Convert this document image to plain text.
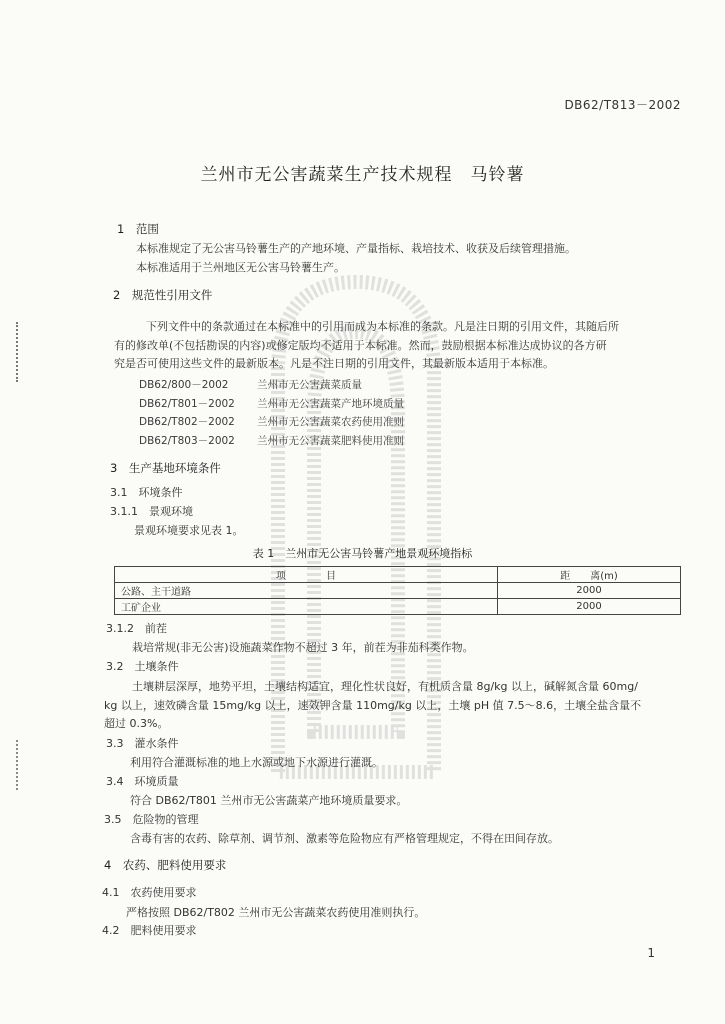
DB62/T813－2002
兰州市无公害蔬菜生产技术规程　马铃薯
1　范围
本标准规定了无公害马铃薯生产的产地环境、产量指标、栽培技术、收获及后续管理措施。
本标准适用于兰州地区无公害马铃薯生产。
2　规范性引用文件
下列文件中的条款通过在本标准中的引用而成为本标准的条款。凡是注日期的引用文件，其随后所
有的修改单(不包括勘误的内容)或修定版均不适用于本标准。然而，鼓励根据本标准达成协议的各方研
究是否可使用这些文件的最新版本。凡是不注日期的引用文件，其最新版本适用于本标准。
DB62/800－2002	兰州市无公害蔬菜质量
DB62/T801－2002 兰州市无公害蔬菜产地环境质量
DB62/T802－2002 兰州市无公害蔬菜农药使用准则
DB62/T803－2002 兰州市无公害蔬菜肥料使用准则
3　生产基地环境条件
3.1　环境条件
3.1.1　景观环境
景观环境要求见表 1。
表 1　兰州市无公害马铃薯产地景观环境指标
项　　　　目	距　　离(m)
公路、主干道路	2000
工矿企业	2000
3.1.2　前茬
栽培常规(非无公害)设施蔬菜作物不超过 3 年，前茬为非茄科类作物。
3.2　土壤条件
土壤耕层深厚，地势平坦，土壤结构适宜，理化性状良好，有机质含量 8g/kg 以上，碱解氮含量 60mg/
kg 以上，速效磷含量 15mg/kg 以上，速效钾含量 110mg/kg 以上，土壤 pH 值 7.5～8.6，土壤全盐含量不
超过 0.3%。
3.3　灌水条件
利用符合灌溉标准的地上水源或地下水源进行灌溉。
3.4　环境质量
符合 DB62/T801 兰州市无公害蔬菜产地环境质量要求。
3.5　危险物的管理
含毒有害的农药、除草剂、调节剂、激素等危险物应有严格管理规定，不得在田间存放。
4　农药、肥料使用要求
4.1　农药使用要求
严格按照 DB62/T802 兰州市无公害蔬菜农药使用准则执行。
4.2　肥料使用要求
1
